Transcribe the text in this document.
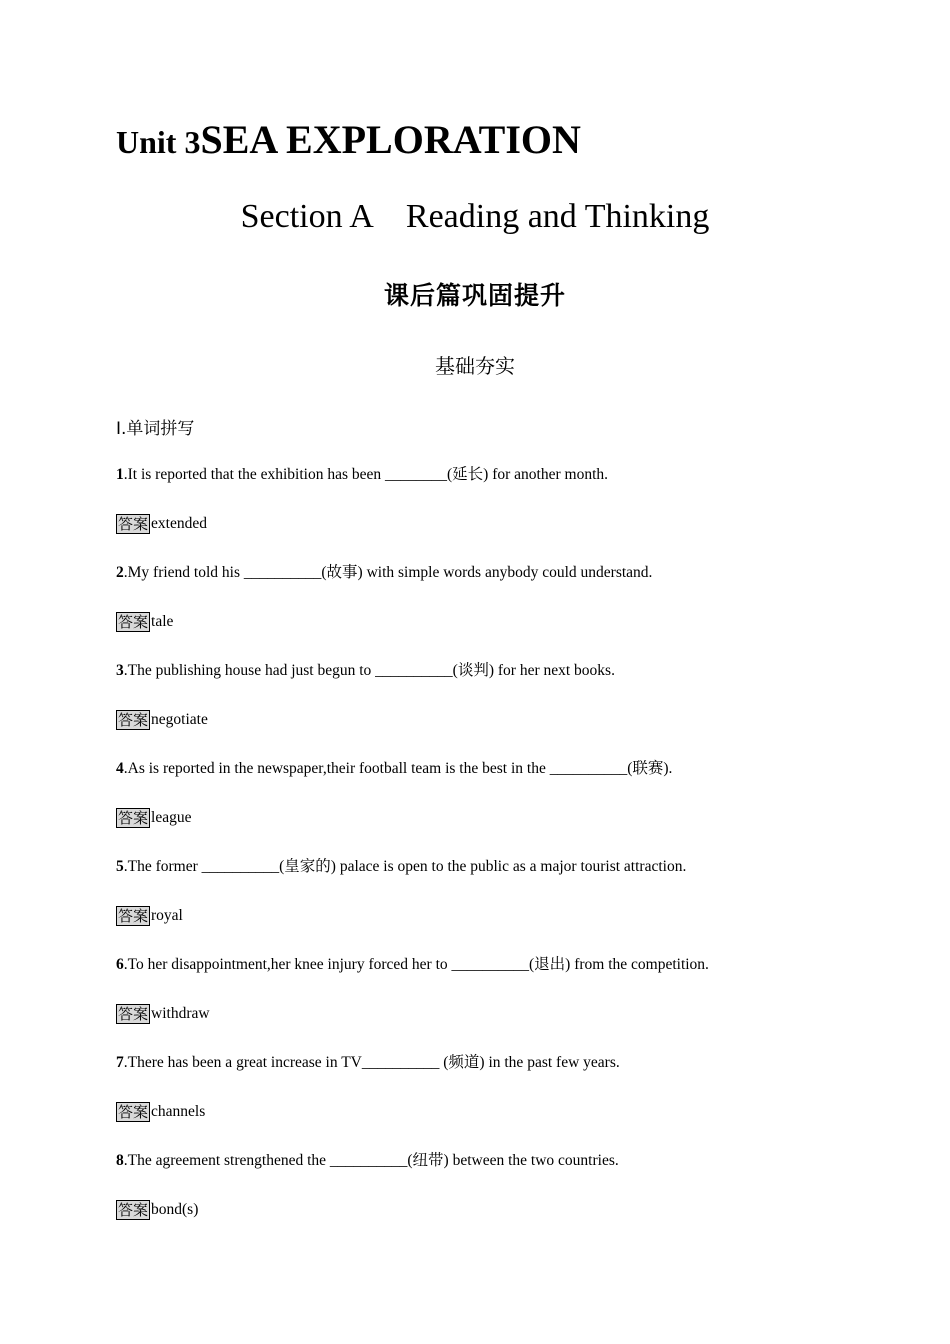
Unit 3SEA EXPLORATION
Section A    Reading and Thinking
课后篇巩固提升
基础夯实
Ⅰ.单词拼写
1.It is reported that the exhibition has been ________(延长) for another month.
答案 extended
2.My friend told his __________(故事) with simple words anybody could understand.
答案 tale
3.The publishing house had just begun to __________(谈判) for her next books.
答案 negotiate
4.As is reported in the newspaper,their football team is the best in the __________(联赛).
答案 league
5.The former __________(皇家的) palace is open to the public as a major tourist attraction.
答案 royal
6.To her disappointment,her knee injury forced her to __________(退出) from the competition.
答案 withdraw
7.There has been a great increase in TV__________ (频道) in the past few years.
答案 channels
8.The agreement strengthened the __________(纽带) between the two countries.
答案 bond(s)
